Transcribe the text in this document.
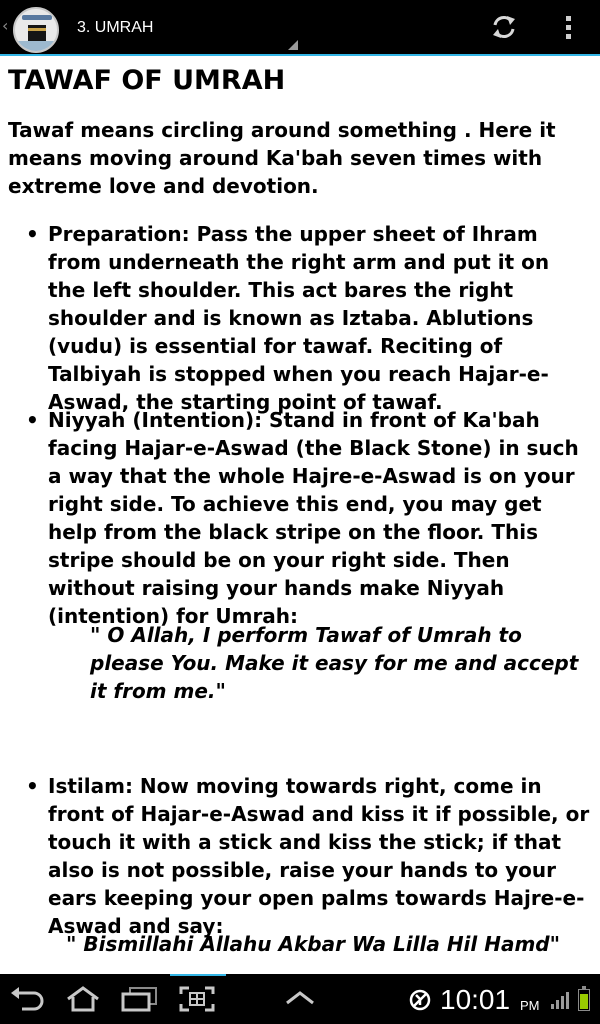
‹	3. UMRAH
TAWAF OF UMRAH
Tawaf means circling around something . Here it means moving around Ka'bah seven times with extreme love and devotion.
• Preparation: Pass the upper sheet of Ihram from underneath the right arm and put it on the left shoulder. This act bares the right shoulder and is known as Iztaba. Ablutions (vudu) is essential for tawaf. Reciting of Talbiyah is stopped when you reach Hajar-e- Aswad, the starting point of tawaf.
• Niyyah (Intention): Stand in front of Ka'bah facing Hajar-e-Aswad (the Black Stone) in such a way that the whole Hajre-e-Aswad is on your right side. To achieve this end, you may get help from the black stripe on the floor. This stripe should be on your right side. Then without raising your hands make Niyyah (intention) for Umrah:
" O Allah, I perform Tawaf of Umrah to please You. Make it easy for me and accept it from me."
• Istilam: Now moving towards right, come in front of Hajar-e-Aswad and kiss it if possible, or touch it with a stick and kiss the stick; if that also is not possible, raise your hands to your ears keeping your open palms towards Hajre-e-Aswad and say:
" Bismillahi Allahu Akbar Wa Lilla Hil Hamd"
10:01 PM
